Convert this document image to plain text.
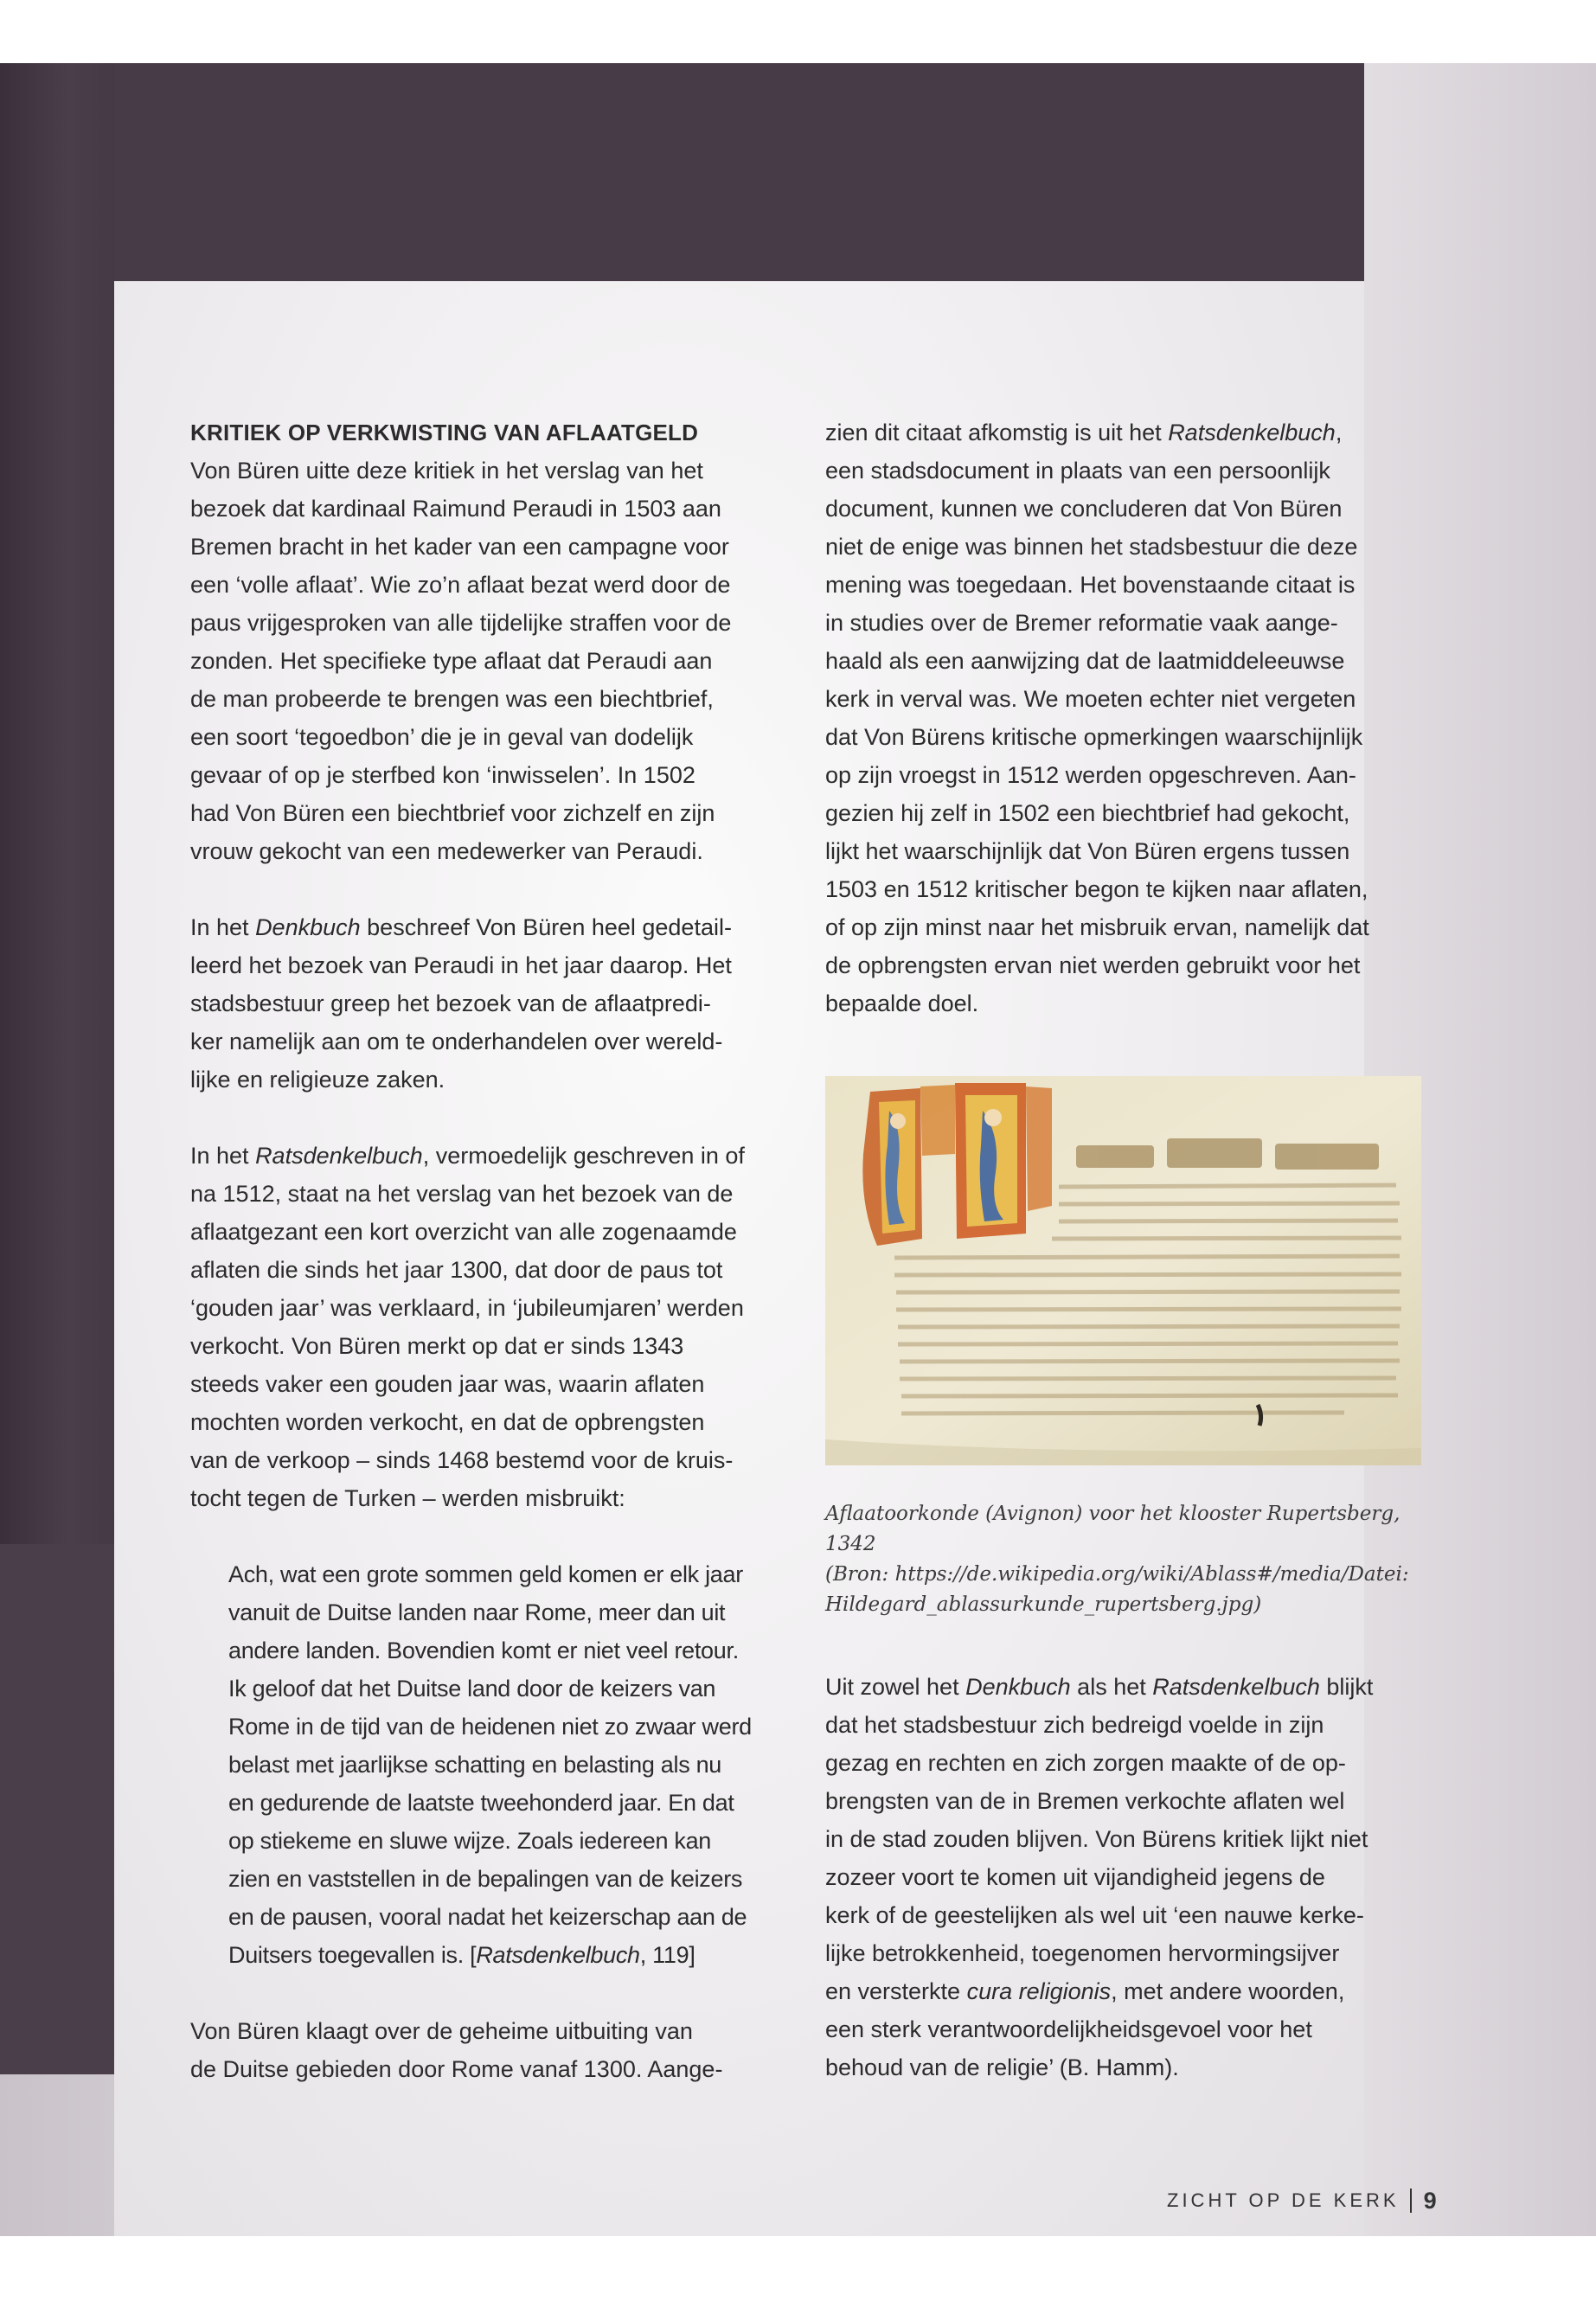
KRITIEK OP VERKWISTING VAN AFLAATGELD
Von Büren uitte deze kritiek in het verslag van het
bezoek dat kardinaal Raimund Peraudi in 1503 aan
Bremen bracht in het kader van een campagne voor
een ‘volle aflaat’. Wie zo’n aflaat bezat werd door de
paus vrijgesproken van alle tijdelijke straffen voor de
zonden. Het specifieke type aflaat dat Peraudi aan
de man probeerde te brengen was een biechtbrief,
een soort ‘tegoedbon’ die je in geval van dodelijk
gevaar of op je sterfbed kon ‘inwisselen’. In 1502
had Von Büren een biechtbrief voor zichzelf en zijn
vrouw gekocht van een medewerker van Peraudi.
In het Denkbuch beschreef Von Büren heel gedetail-
leerd het bezoek van Peraudi in het jaar daarop. Het
stadsbestuur greep het bezoek van de aflaatpredi-
ker namelijk aan om te onderhandelen over wereld-
lijke en religieuze zaken.
In het Ratsdenkelbuch, vermoedelijk geschreven in of
na 1512, staat na het verslag van het bezoek van de
aflaatgezant een kort overzicht van alle zogenaamde
aflaten die sinds het jaar 1300, dat door de paus tot
‘gouden jaar’ was verklaard, in ‘jubileumjaren’ werden
verkocht. Von Büren merkt op dat er sinds 1343
steeds vaker een gouden jaar was, waarin aflaten
mochten worden verkocht, en dat de opbrengsten
van de verkoop – sinds 1468 bestemd voor de kruis-
tocht tegen de Turken – werden misbruikt:
Ach, wat een grote sommen geld komen er elk jaar
vanuit de Duitse landen naar Rome, meer dan uit
andere landen. Bovendien komt er niet veel retour.
Ik geloof dat het Duitse land door de keizers van
Rome in de tijd van de heidenen niet zo zwaar werd
belast met jaarlijkse schatting en belasting als nu
en gedurende de laatste tweehonderd jaar. En dat
op stiekeme en sluwe wijze. Zoals iedereen kan
zien en vaststellen in de bepalingen van de keizers
en de pausen, vooral nadat het keizerschap aan de
Duitsers toegevallen is. [Ratsdenkelbuch, 119]
Von Büren klaagt over de geheime uitbuiting van
de Duitse gebieden door Rome vanaf 1300. Aange-
zien dit citaat afkomstig is uit het Ratsdenkelbuch,
een stadsdocument in plaats van een persoonlijk
document, kunnen we concluderen dat Von Büren
niet de enige was binnen het stadsbestuur die deze
mening was toegedaan. Het bovenstaande citaat is
in studies over de Bremer reformatie vaak aange-
haald als een aanwijzing dat de laatmiddeleeuwse
kerk in verval was. We moeten echter niet vergeten
dat Von Bürens kritische opmerkingen waarschijnlijk
op zijn vroegst in 1512 werden opgeschreven. Aan-
gezien hij zelf in 1502 een biechtbrief had gekocht,
lijkt het waarschijnlijk dat Von Büren ergens tussen
1503 en 1512 kritischer begon te kijken naar aflaten,
of op zijn minst naar het misbruik ervan, namelijk dat
de opbrengsten ervan niet werden gebruikt voor het
bepaalde doel.
Aflaatoorkonde (Avignon) voor het klooster Rupertsberg, 1342
(Bron: https://de.wikipedia.org/wiki/Ablass#/media/Datei:
Hildegard_ablassurkunde_rupertsberg.jpg)
Uit zowel het Denkbuch als het Ratsdenkelbuch blijkt
dat het stadsbestuur zich bedreigd voelde in zijn
gezag en rechten en zich zorgen maakte of de op-
brengsten van de in Bremen verkochte aflaten wel
in de stad zouden blijven. Von Bürens kritiek lijkt niet
zozeer voort te komen uit vijandigheid jegens de
kerk of de geestelijken als wel uit ‘een nauwe kerke-
lijke betrokkenheid, toegenomen hervormingsijver
en versterkte cura religionis, met andere woorden,
een sterk verantwoordelijkheidsgevoel voor het
behoud van de religie’ (B. Hamm).
ZICHT OP DE KERK 9
